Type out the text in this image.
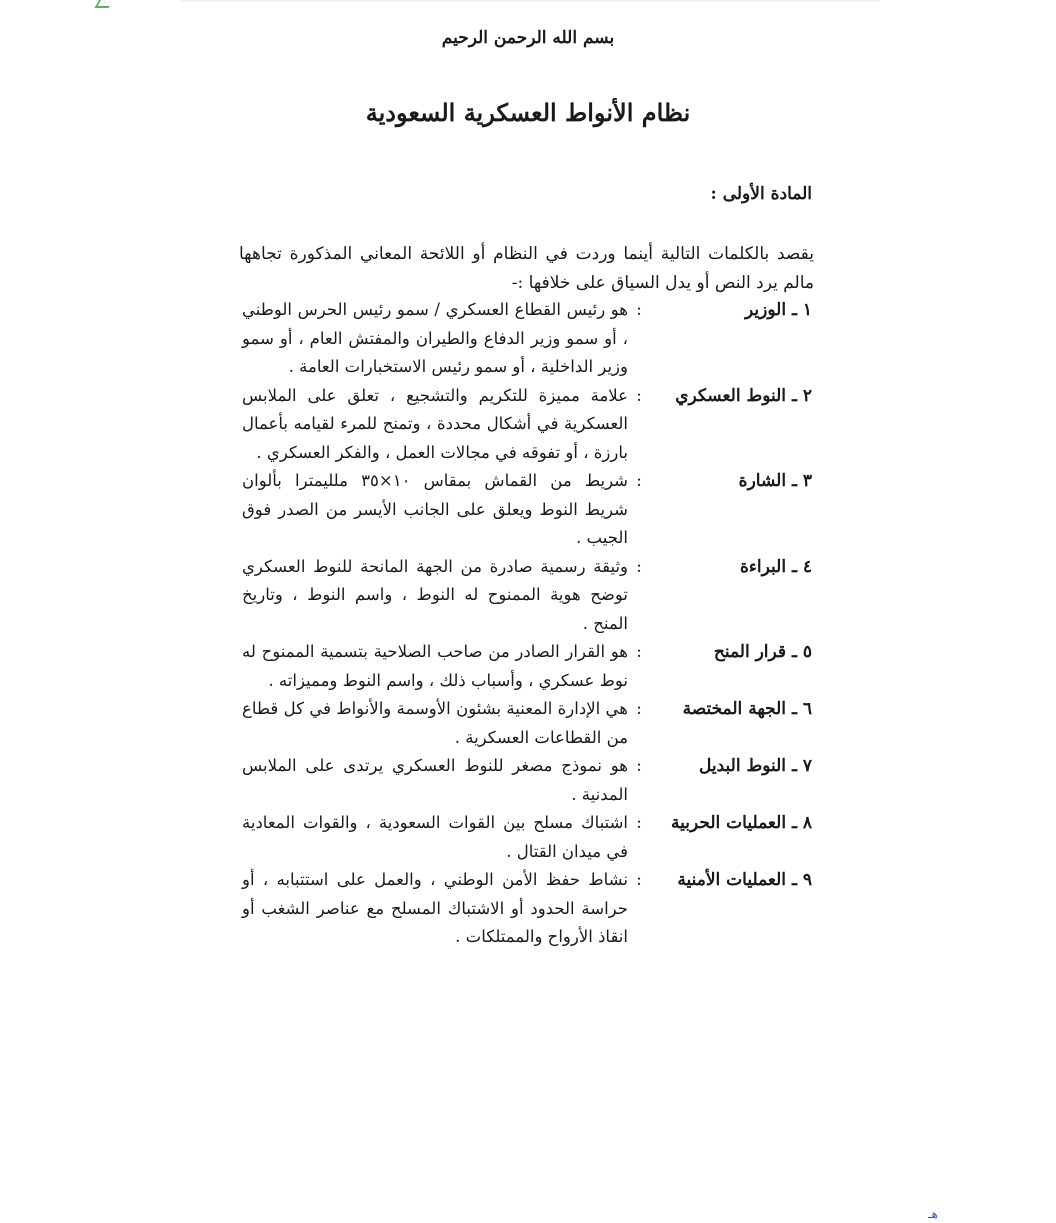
بسم الله الرحمن الرحيم
نظام الأنواط العسكرية السعودية
المادة الأولى :
يقصد بالكلمات التالية أينما وردت في النظام أو اللائحة المعاني المذكورة تجاهها مالم يرد النص أو يدل السياق على خلافها :-
١ ـ الوزير
:
هو رئيس القطاع العسكري / سمو رئيس الحرس الوطني ، أو سمو وزير الدفاع والطيران والمفتش العام ، أو سمو وزير الداخلية ، أو سمو رئيس الاستخبارات العامة .
٢ ـ النوط العسكري
:
علامة مميزة للتكريم والتشجيع ، تعلق على الملابس العسكرية في أشكال محددة ، وتمنح للمرء لقيامه بأعمال بارزة ، أو تفوقه في مجالات العمل ، والفكر العسكري .
٣ ـ الشارة
:
شريط من القماش بمقاس ١٠×٣٥ ملليمترا بألوان شريط النوط ويعلق على الجانب الأيسر من الصدر فوق الجيب .
٤ ـ البراءة
:
وثيقة رسمية صادرة من الجهة المانحة للنوط العسكري توضح هوية الممنوح له النوط ، واسم النوط ، وتاريخ المنح .
٥ ـ قرار المنح
:
هو القرار الصادر من صاحب الصلاحية بتسمية الممنوح له نوط عسكري ، وأسباب ذلك ، واسم النوط ومميزاته .
٦ ـ الجهة المختصة
:
هي الإدارة المعنية بشئون الأوسمة والأنواط في كل قطاع من القطاعات العسكرية .
٧ ـ النوط البديل
:
هو نموذج مصغر للنوط العسكري يرتدى على الملابس المدنية .
٨ ـ العمليات الحربية
:
اشتباك مسلح بين القوات السعودية ، والقوات المعادية في ميدان القتال .
٩ ـ العمليات الأمنية
:
نشاط حفظ الأمن الوطني ، والعمل على استتبابه ، أو حراسة الحدود أو الاشتباك المسلح مع عناصر الشغب أو انقاذ الأرواح والممتلكات .
هـ
